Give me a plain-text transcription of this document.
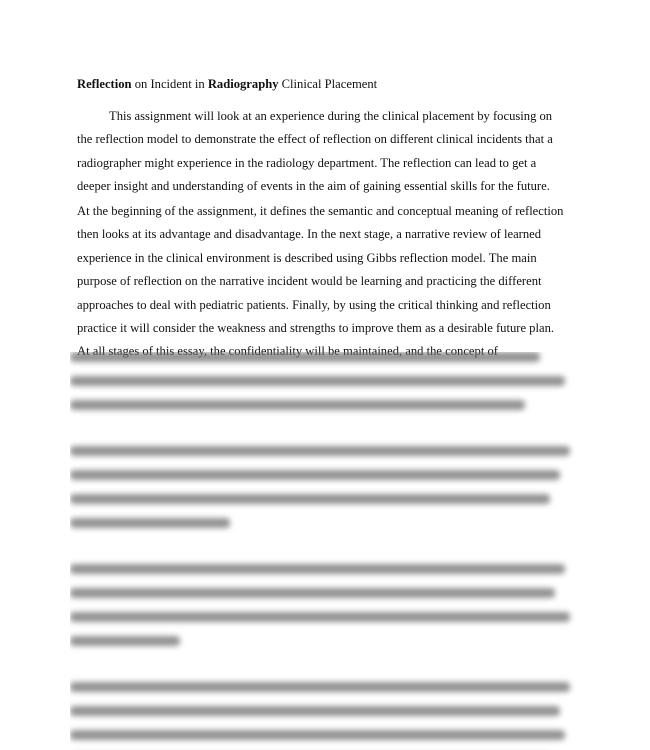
Reflection on Incident in Radiography Clinical Placement
This assignment will look at an experience during the clinical placement by focusing on
the reflection model to demonstrate the effect of reflection on different clinical incidents that a
radiographer might experience in the radiology department. The reflection can lead to get a
deeper insight and understanding of events in the aim of gaining essential skills for the future.
At the beginning of the assignment, it defines the semantic and conceptual meaning of reflection
then looks at its advantage and disadvantage. In the next stage, a narrative review of learned
experience in the clinical environment is described using Gibbs reflection model. The main
purpose of reflection on the narrative incident would be learning and practicing the different
approaches to deal with pediatric patients. Finally, by using the critical thinking and reflection
practice it will consider the weakness and strengths to improve them as a desirable future plan.
